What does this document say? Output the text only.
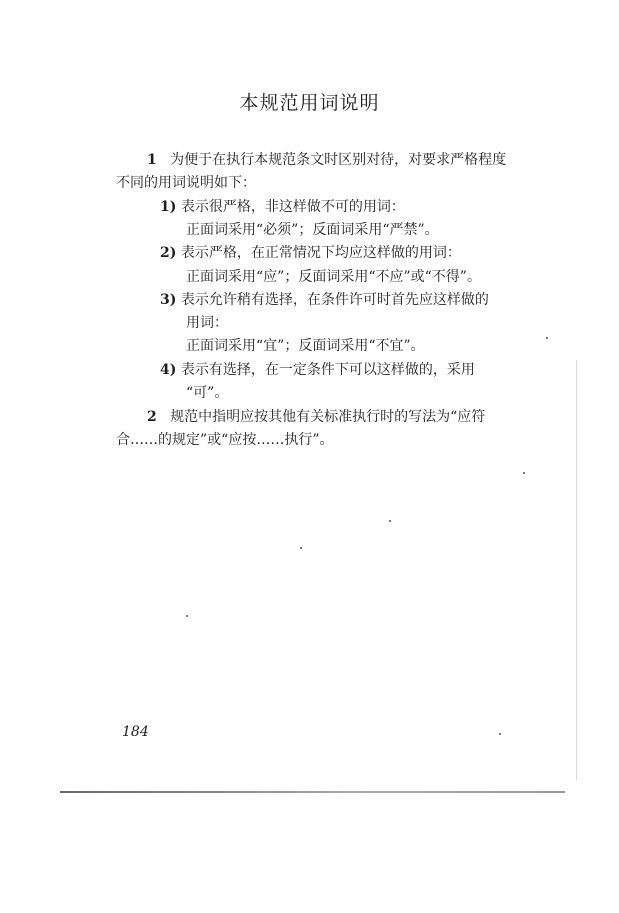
本规范用词说明
1 为便于在执行本规范条文时区别对待，对要求严格程度
不同的用词说明如下：
1) 表示很严格，非这样做不可的用词：
正面词采用“必须”；反面词采用“严禁”。
2) 表示严格，在正常情况下均应这样做的用词：
正面词采用“应”；反面词采用“不应”或“不得”。
3) 表示允许稍有选择，在条件许可时首先应这样做的
用词：
正面词采用“宜”；反面词采用“不宜”。
4) 表示有选择，在一定条件下可以这样做的，采用
“可”。
2 规范中指明应按其他有关标准执行时的写法为“应符
合……的规定”或“应按……执行”。
184
